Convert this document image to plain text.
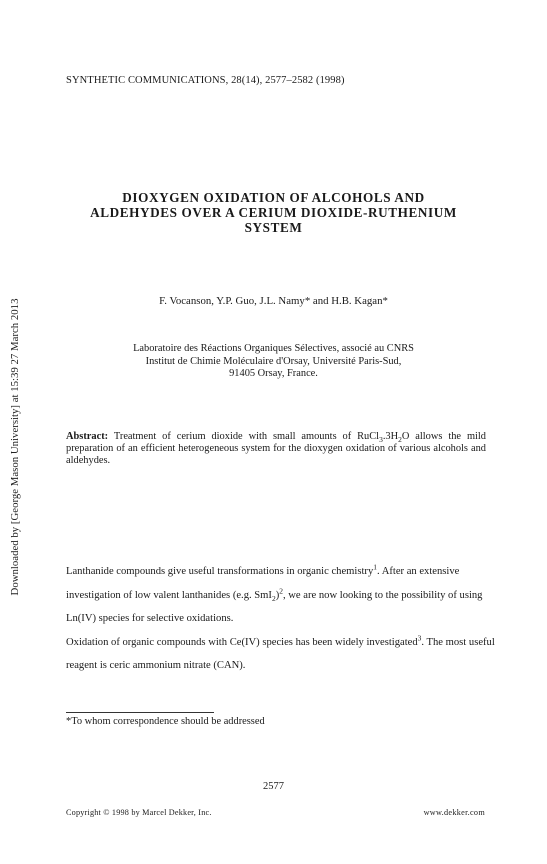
Downloaded by [George Mason University] at 15:39 27 March 2013
SYNTHETIC COMMUNICATIONS, 28(14), 2577–2582 (1998)
DIOXYGEN OXIDATION OF ALCOHOLS AND
ALDEHYDES OVER A CERIUM DIOXIDE-RUTHENIUM
SYSTEM
F. Vocanson, Y.P. Guo, J.L. Namy* and H.B. Kagan*
Laboratoire des Réactions Organiques Sélectives, associé au CNRS
Institut de Chimie Moléculaire d'Orsay, Université Paris-Sud,
91405 Orsay, France.
Abstract: Treatment of cerium dioxide with small amounts of $RuCl_3.3H_2O$ allows the mild preparation of an efficient heterogeneous system for the dioxygen oxidation of various alcohols and aldehydes.

Lanthanide compounds give useful transformations in organic chemistry$^1$. After an extensive investigation of low valent lanthanides (e.g. SmI$_2$)$^2$, we are now looking to the possibility of using Ln(IV) species for selective oxidations.

Oxidation of organic compounds with Ce(IV) species has been widely investigated$^3$. The most useful reagent is ceric ammonium nitrate (CAN).

*To whom correspondence should be addressed
2577
Copyright © 1998 by Marcel Dekker, Inc.	www.dekker.com
